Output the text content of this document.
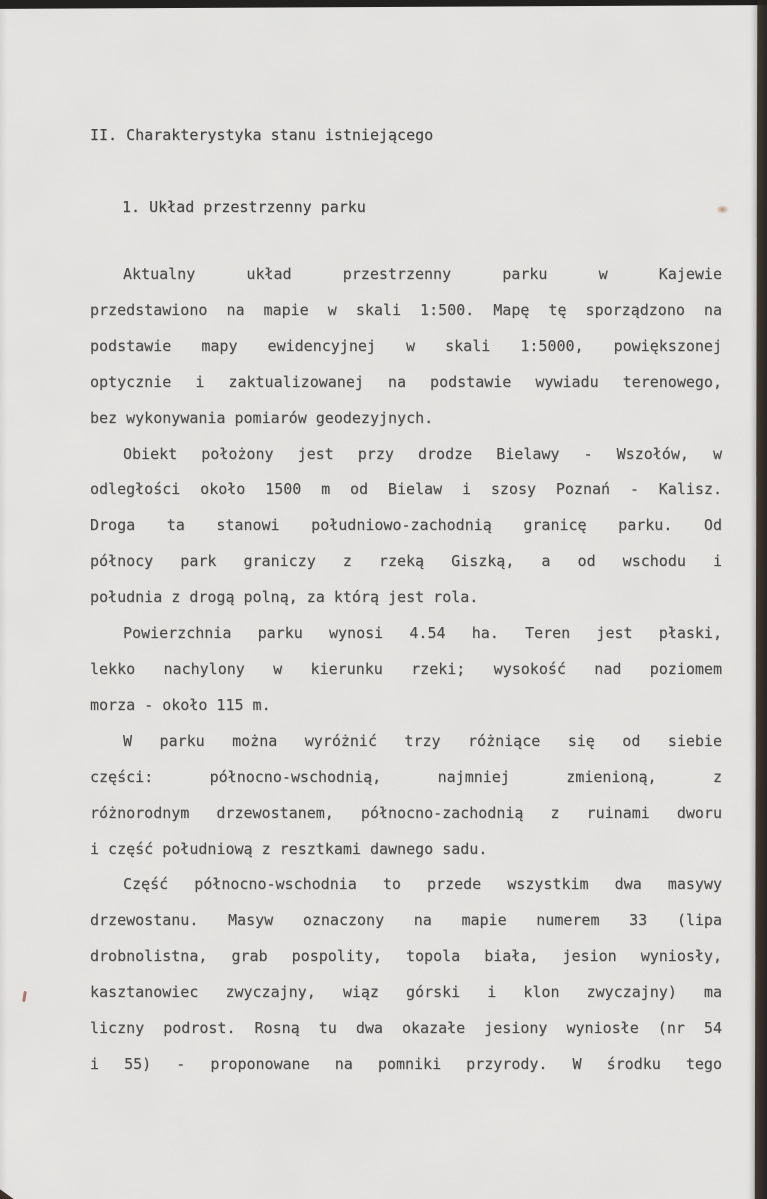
II. Charakterystyka stanu istniejącego
1. Układ przestrzenny parku
Aktualny układ przestrzenny parku w Kajewie
przedstawiono na mapie w skali 1:500. Mapę tę sporządzono na
podstawie mapy ewidencyjnej w skali 1:5000, powiększonej
optycznie i zaktualizowanej na podstawie wywiadu terenowego,
bez wykonywania pomiarów geodezyjnych.
Obiekt położony jest przy drodze Bielawy - Wszołów, w
odległości około 1500 m od Bielaw i szosy Poznań - Kalisz.
Droga ta stanowi południowo-zachodnią granicę parku. Od
północy park graniczy z rzeką Giszką, a od wschodu i
południa z drogą polną, za którą jest rola.
Powierzchnia parku wynosi 4.54 ha. Teren jest płaski,
lekko nachylony w kierunku rzeki; wysokość nad poziomem
morza - około 115 m.
W parku można wyróżnić trzy różniące się od siebie
części: północno-wschodnią, najmniej zmienioną, z
różnorodnym drzewostanem, północno-zachodnią z ruinami dworu
i część południową z resztkami dawnego sadu.
Część północno-wschodnia to przede wszystkim dwa masywy
drzewostanu. Masyw oznaczony na mapie numerem 33 (lipa
drobnolistna, grab pospolity, topola biała, jesion wyniosły,
kasztanowiec zwyczajny, wiąz górski i klon zwyczajny) ma
liczny podrost. Rosną tu dwa okazałe jesiony wyniosłe (nr 54
i 55) - proponowane na pomniki przyrody. W środku tego
